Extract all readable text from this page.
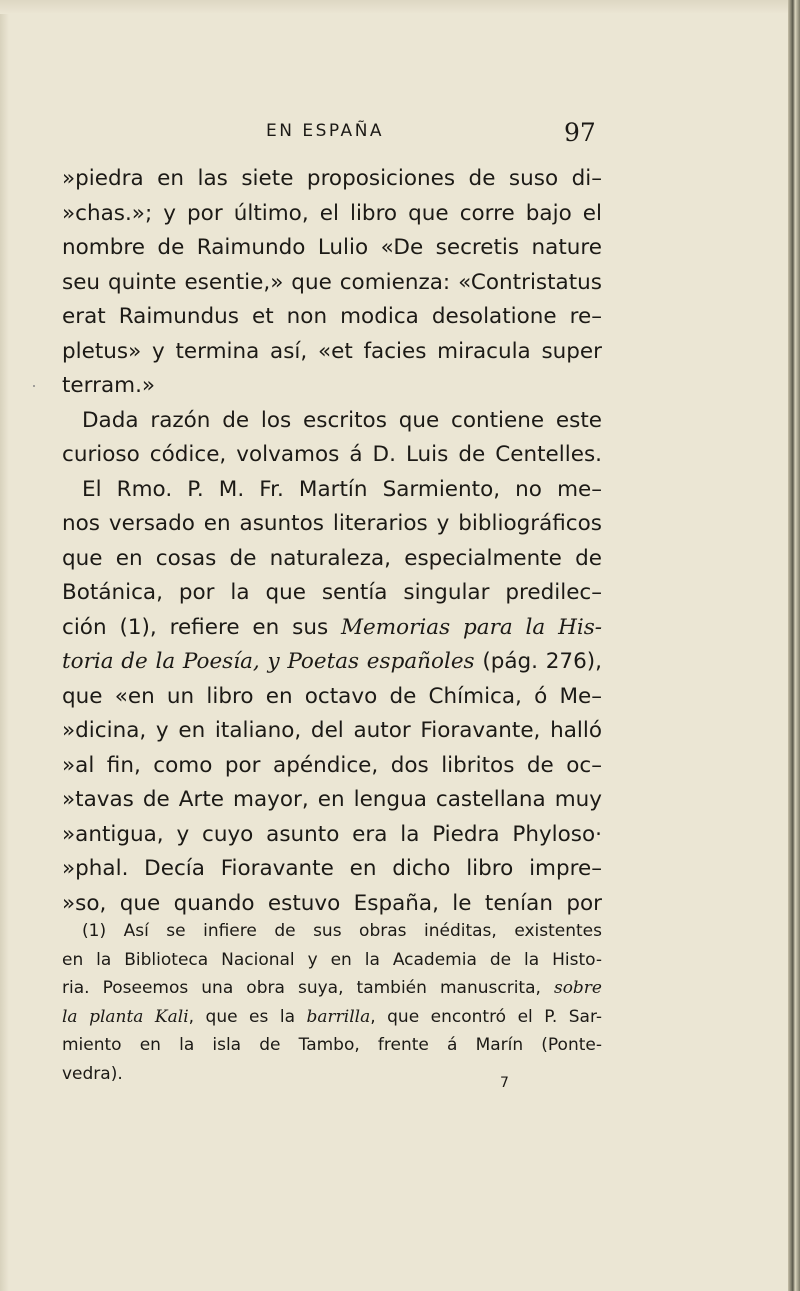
EN ESPAÑA	97
»piedra en las siete proposiciones de suso di–
»chas.»; y por último, el libro que corre bajo el
nombre de Raimundo Lulio «De secretis nature
seu quinte esentie,» que comienza: «Contristatus
erat Raimundus et non modica desolatione re–
pletus» y termina así, «et facies miracula super
terram.»
Dada razón de los escritos que contiene este
curioso códice, volvamos á D. Luis de Centelles.
El Rmo. P. M. Fr. Martín Sarmiento, no me–
nos versado en asuntos literarios y bibliográficos
que en cosas de naturaleza, especialmente de
Botánica, por la que sentía singular predilec–
ción (1), refiere en sus Memorias para la His-
toria de la Poesía, y Poetas españoles (pág. 276),
que «en un libro en octavo de Chímica, ó Me–
»dicina, y en italiano, del autor Fioravante, halló
»al fin, como por apéndice, dos libritos de oc–
»tavas de Arte mayor, en lengua castellana muy
»antigua, y cuyo asunto era la Piedra Phyloso·
»phal. Decía Fioravante en dicho libro impre–
»so, que quando estuvo España, le tenían por
(1) Así se infiere de sus obras inéditas, existentes
en la Biblioteca Nacional y en la Academia de la Histo-
ria. Poseemos una obra suya, también manuscrita, sobre
la planta Kali, que es la barrilla, que encontró el P. Sar-
miento en la isla de Tambo, frente á Marín (Ponte-
vedra).	7
